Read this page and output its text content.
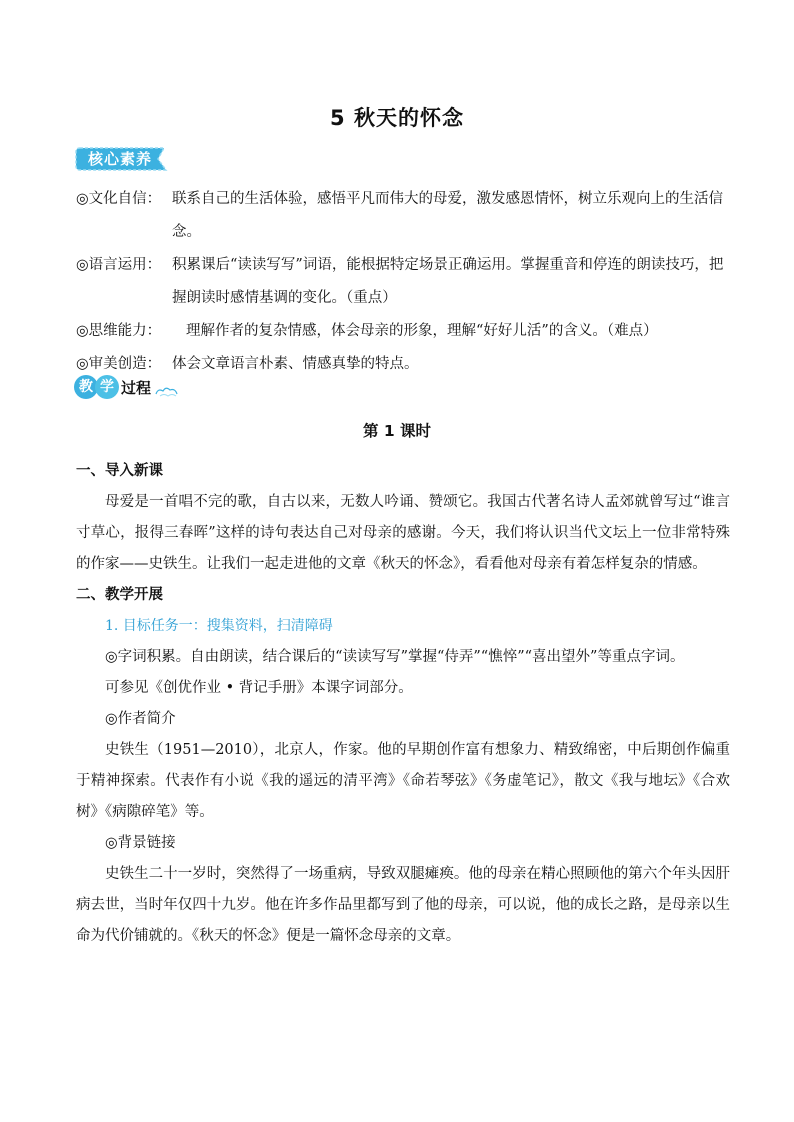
5 秋天的怀念
核心素养
◎文化自信： 联系自己的生活体验，感悟平凡而伟大的母爱，激发感恩情怀，树立乐观向上的生活信念。
◎语言运用： 积累课后“读读写写”词语，能根据特定场景正确运用。掌握重音和停连的朗读技巧，把握朗读时感情基调的变化。（重点）
◎思维能力：	理解作者的复杂情感，体会母亲的形象，理解“好好儿活”的含义。（难点）
◎审美创造： 体会文章语言朴素、情感真挚的特点。
教 学 过程
第 1 课时
一、导入新课
母爱是一首唱不完的歌，自古以来，无数人吟诵、赞颂它。我国古代著名诗人孟郊就曾写过“谁言寸草心，报得三春晖”这样的诗句表达自己对母亲的感谢。今天，我们将认识当代文坛上一位非常特殊的作家——史铁生。让我们一起走进他的文章《秋天的怀念》，看看他对母亲有着怎样复杂的情感。
二、教学开展
1. 目标任务一：搜集资料，扫清障碍
◎字词积累。自由朗读，结合课后的“读读写写”掌握“侍弄”“憔悴”“喜出望外”等重点字词。
可参见《创优作业 • 背记手册》本课字词部分。
◎作者简介
史铁生（1951—2010），北京人，作家。他的早期创作富有想象力、精致绵密，中后期创作偏重于精神探索。代表作有小说《我的遥远的清平湾》《命若琴弦》《务虚笔记》，散文《我与地坛》《合欢树》《病隙碎笔》等。
◎背景链接
史铁生二十一岁时，突然得了一场重病，导致双腿瘫痪。他的母亲在精心照顾他的第六个年头因肝病去世，当时年仅四十九岁。他在许多作品里都写到了他的母亲，可以说，他的成长之路，是母亲以生命为代价铺就的。《秋天的怀念》便是一篇怀念母亲的文章。
